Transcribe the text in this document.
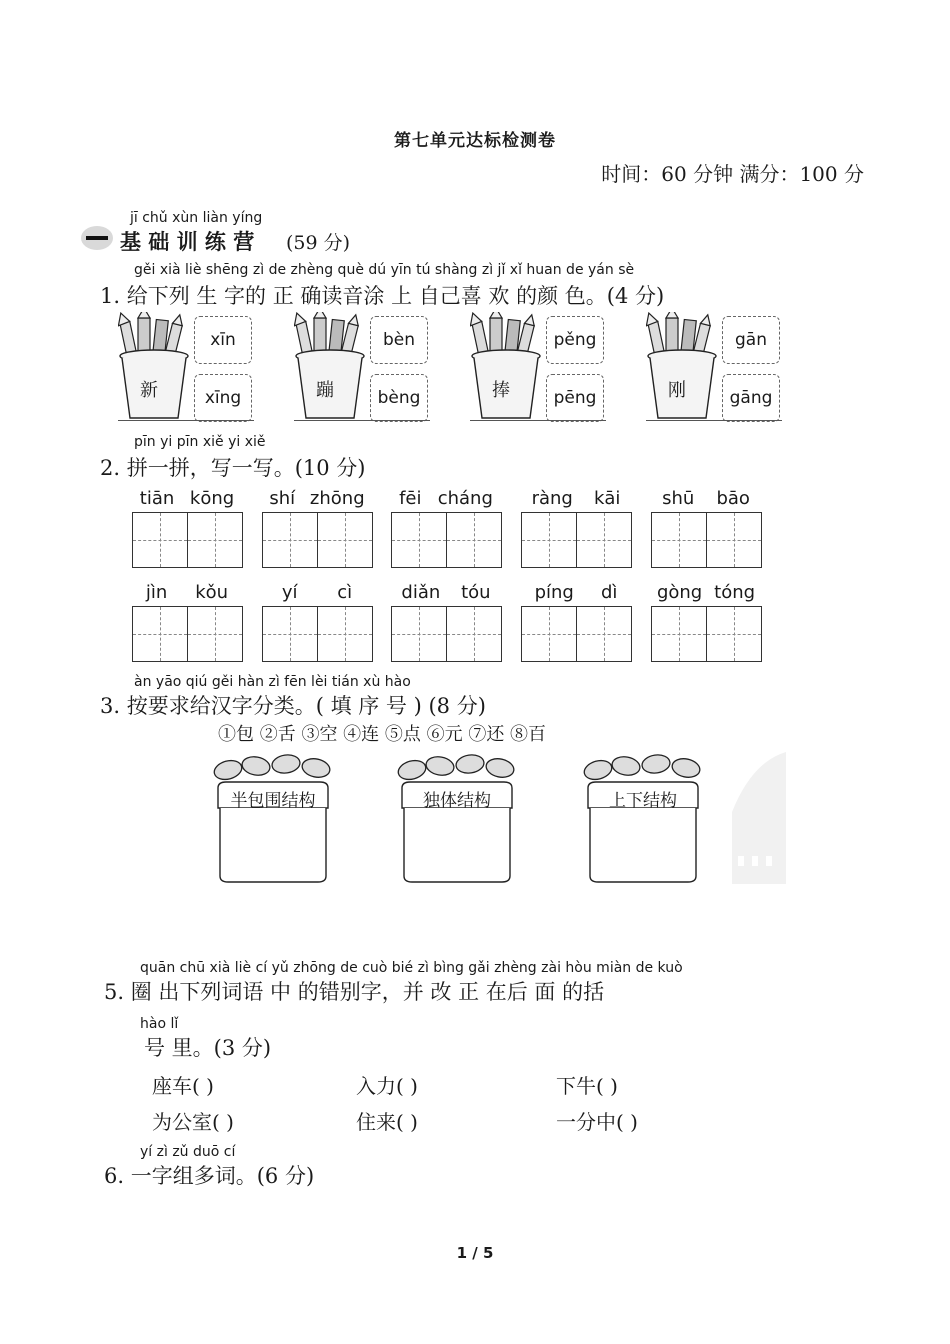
第七单元达标检测卷
时间：60 分钟 满分：100 分
jī chǔ xùn liàn yíng
基 础 训 练 营 (59 分)
gěi xià liè shēng zì de zhèng què dú yīn tú shàng zì jǐ xǐ huan de yán sè
1. 给下列 生 字的 正 确读音涂 上 自己喜 欢 的颜 色。(4 分)
新
xīn
xīng	蹦
bèn
bèng	捧
pěng
pēng	刚
gān
gāng
pīn yi pīn xiě yi xiě
2. 拼一拼，写一写。(10 分)
tiān kōng shí zhōng fēi cháng ràng kāi shū bāo
jìn kǒu	yí cì	diǎn tóu píng dì gòng tóng
àn yāo qiú gěi hàn zì fēn lèi tián xù hào
3. 按要求给汉字分类。( 填 序 号 ) (8 分)
①包 ②舌 ③空 ④连 ⑤点 ⑥元 ⑦还 ⑧百
半包围结构	独体结构	上下结构
quān chū xià liè cí yǔ zhōng de cuò bié zì bìng gǎi zhèng zài hòu miàn de kuò
5. 圈 出下列词语 中 的错别字，并 改 正 在后 面 的括
hào lǐ
号 里。(3 分)
座车( )	入力( )	下牛( )
为公室( )	住来( )	一分中( )
yí zì zǔ duō cí
6. 一字组多词。(6 分)
1 / 5
